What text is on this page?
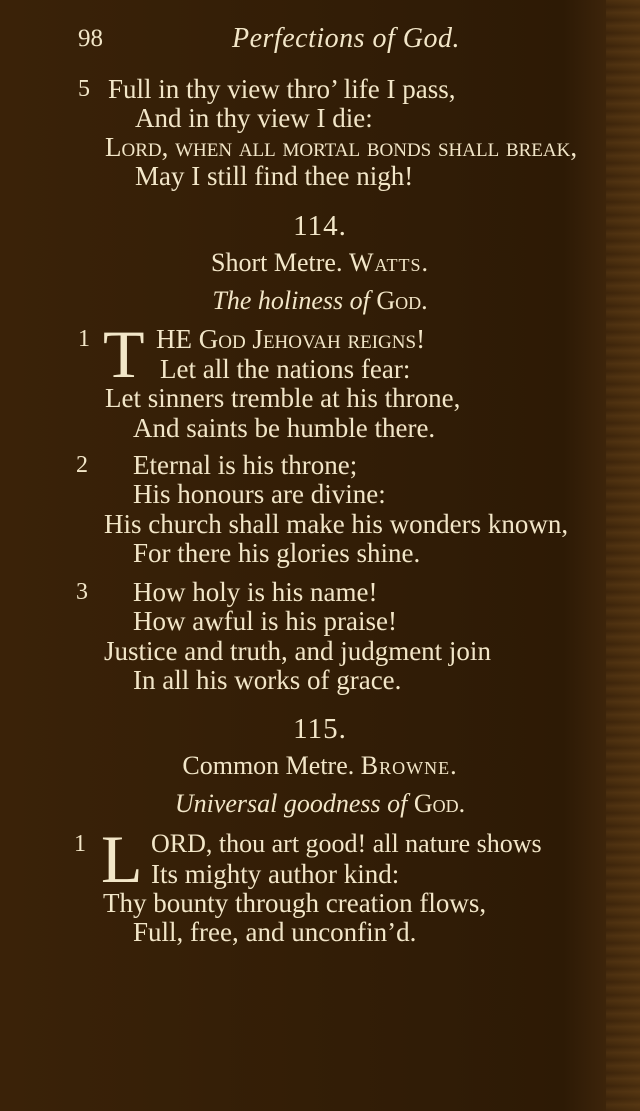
98	Perfections of God.
5 Full in thy view thro’ life I pass,
And in thy view I die:
Lord, when all mortal bonds shall break,
May I still find thee nigh!
114.
Short Metre. Watts.
The holiness of God.
1 T HE God Jehovah reigns!
Let all the nations fear:
Let sinners tremble at his throne,
And saints be humble there.
2 Eternal is his throne;
His honours are divine:
His church shall make his wonders known,
For there his glories shine.
3 How holy is his name!
How awful is his praise!
Justice and truth, and judgment join
In all his works of grace.
115.
Common Metre. Browne.
Universal goodness of God.
1 L ORD, thou art good! all nature shows
Its mighty author kind:
Thy bounty through creation flows,
Full, free, and unconfin’d.
